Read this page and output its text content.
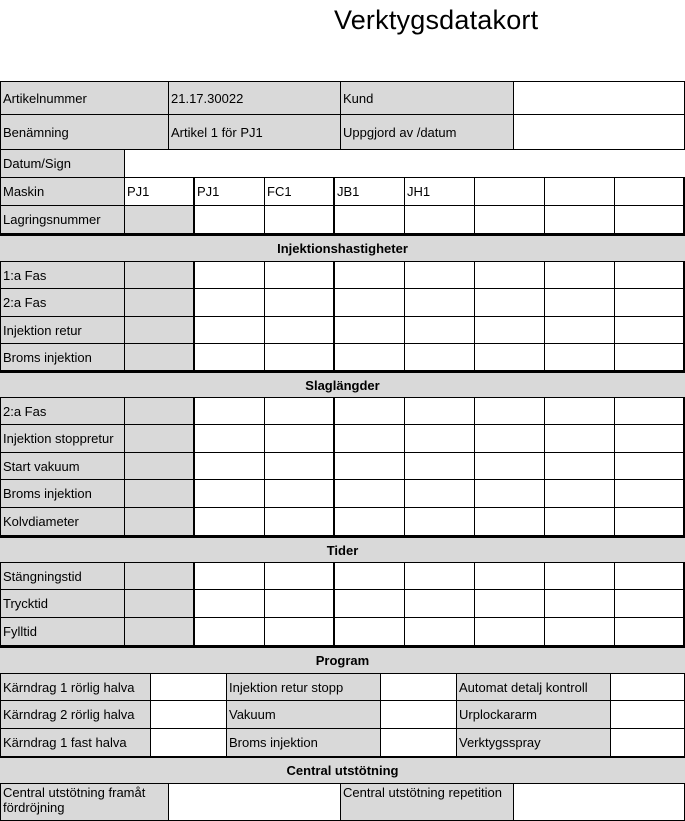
Verktygsdatakort
Artikelnummer	21.17.30022	Kund
Benämning	Artikel 1 för PJ1	Uppgjord av /datum
Datum/Sign
Maskin	PJ1	PJ1	FC1	JB1	JH1
Lagringsnummer
Injektionshastigheter
1:a Fas
2:a Fas
Injektion retur
Broms injektion
Slaglängder
2:a Fas
Injektion stoppretur
Start vakuum
Broms injektion
Kolvdiameter
Tider
Stängningstid
Trycktid
Fylltid
Program
Kärndrag 1 rörlig halva	Injektion retur stopp	Automat detalj kontroll
Kärndrag 2 rörlig halva	Vakuum	Urplockararm
Kärndrag 1 fast halva	Broms injektion	Verktygsspray
Central utstötning
Central utstötning framåt fördröjning
Central utstötning repetition
